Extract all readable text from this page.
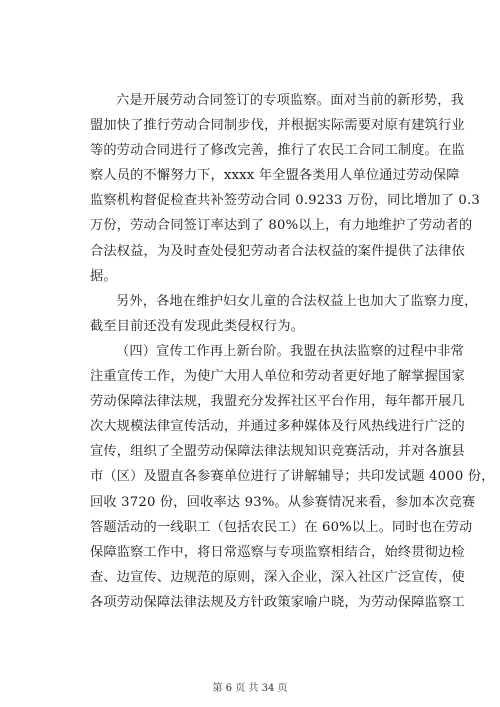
六是开展劳动合同签订的专项监察。面对当前的新形势，我
盟加快了推行劳动合同制步伐，并根据实际需要对原有建筑行业
等的劳动合同进行了修改完善，推行了农民工合同工制度。在监
察人员的不懈努力下，xxxx 年全盟各类用人单位通过劳动保障
监察机构督促检查共补签劳动合同 0.9233 万份，同比增加了 0.3
万份，劳动合同签订率达到了 80%以上，有力地维护了劳动者的
合法权益，为及时查处侵犯劳动者合法权益的案件提供了法律依
据。
另外，各地在维护妇女儿童的合法权益上也加大了监察力度，
截至目前还没有发现此类侵权行为。
（四）宣传工作再上新台阶。我盟在执法监察的过程中非常
注重宣传工作，为使广大用人单位和劳动者更好地了解掌握国家
劳动保障法律法规，我盟充分发挥社区平台作用，每年都开展几
次大规模法律宣传活动，并通过多种媒体及行风热线进行广泛的
宣传，组织了全盟劳动保障法律法规知识竞赛活动，并对各旗县
市（区）及盟直各参赛单位进行了讲解辅导；共印发试题 4000 份，
回收 3720 份，回收率达 93%。从参赛情况来看，参加本次竞赛
答题活动的一线职工（包括农民工）在 60%以上。同时也在劳动
保障监察工作中，将日常巡察与专项监察相结合，始终贯彻边检
查、边宣传、边规范的原则，深入企业，深入社区广泛宣传，使
各项劳动保障法律法规及方针政策家喻户晓，为劳动保障监察工
第 6 页 共 34 页
